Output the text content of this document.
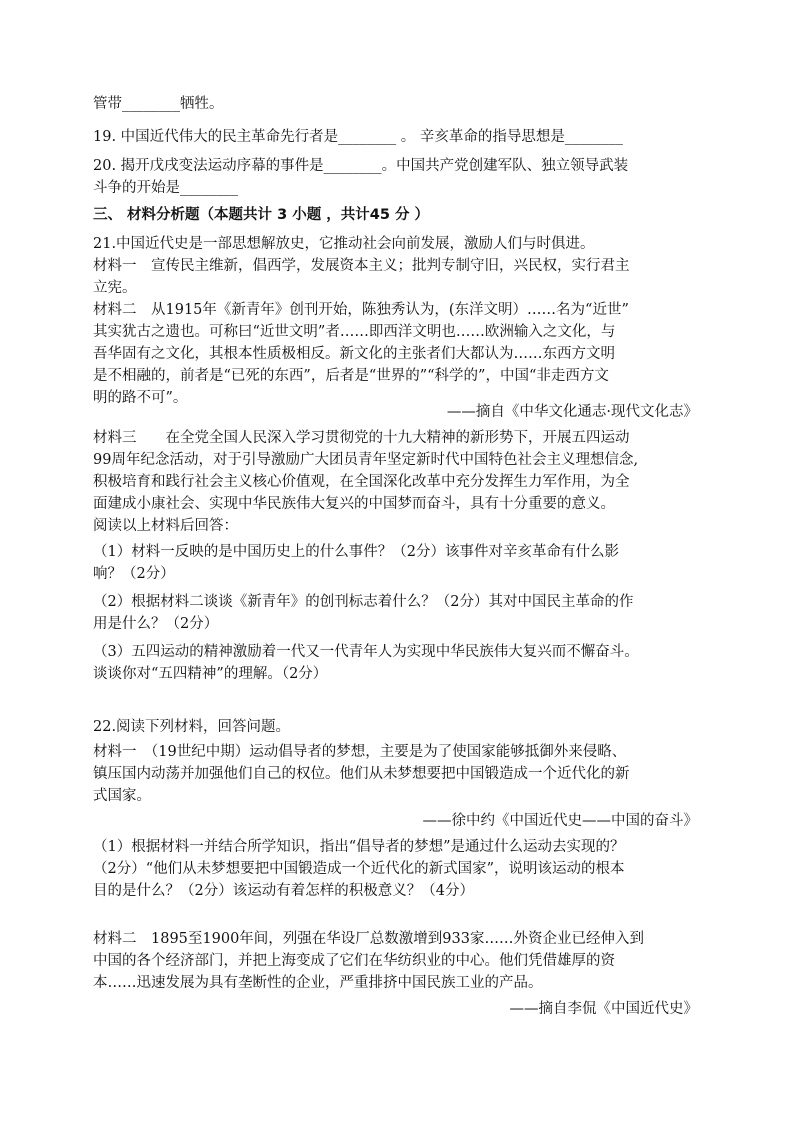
管带________牺牲。
19. 中国近代伟大的民主革命先行者是________ 。 辛亥革命的指导思想是________
20. 揭开戊戌变法运动序幕的事件是________。中国共产党创建军队、独立领导武装
斗争的开始是________
三、 材料分析题（本题共计 3 小题 ，共计45 分 ）
21.中国近代史是一部思想解放史，它推动社会向前发展，激励人们与时俱进。
材料一　宣传民主维新，倡西学，发展资本主义；批判专制守旧，兴民权，实行君主
立宪。
材料二　从1915年《新青年》创刊开始，陈独秀认为，(东洋文明）……名为“近世”
其实犹古之遗也。可称曰“近世文明”者……即西洋文明也……欧洲输入之文化，与
吾华固有之文化，其根本性质极相反。新文化的主张者们大都认为……东西方文明
是不相融的，前者是“已死的东西”，后者是“世界的”“科学的”，中国“非走西方文
明的路不可”。
——摘自《中华文化通志·现代文化志》
材料三　　在全党全国人民深入学习贯彻党的十九大精神的新形势下，开展五四运动
99周年纪念活动，对于引导激励广大团员青年坚定新时代中国特色社会主义理想信念,
积极培育和践行社会主义核心价值观，在全国深化改革中充分发挥生力军作用，为全
面建成小康社会、实现中华民族伟大复兴的中国梦而奋斗，具有十分重要的意义。
阅读以上材料后回答：
（1）材料一反映的是中国历史上的什么事件？（2分）该事件对辛亥革命有什么影
响？（2分）
（2）根据材料二谈谈《新青年》的创刊标志着什么？（2分）其对中国民主革命的作
用是什么？（2分）
（3）五四运动的精神激励着一代又一代青年人为实现中华民族伟大复兴而不懈奋斗。
谈谈你对“五四精神”的理解。（2分）
22.阅读下列材料，回答问题。
材料一　（19世纪中期）运动倡导者的梦想，主要是为了使国家能够抵御外来侵略、
镇压国内动荡并加强他们自己的权位。他们从未梦想要把中国锻造成一个近代化的新
式国家。
——徐中约《中国近代史——中国的奋斗》
（1）根据材料一并结合所学知识，指出“倡导者的梦想”是通过什么运动去实现的？
（2分）“他们从未梦想要把中国锻造成一个近代化的新式国家”，说明该运动的根本
目的是什么？（2分）该运动有着怎样的积极意义？（4分）
材料二　1895至1900年间，列强在华设厂总数激增到933家……外资企业已经伸入到
中国的各个经济部门，并把上海变成了它们在华纺织业的中心。他们凭借雄厚的资
本……迅速发展为具有垄断性的企业，严重排挤中国民族工业的产品。
——摘自李侃《中国近代史》
